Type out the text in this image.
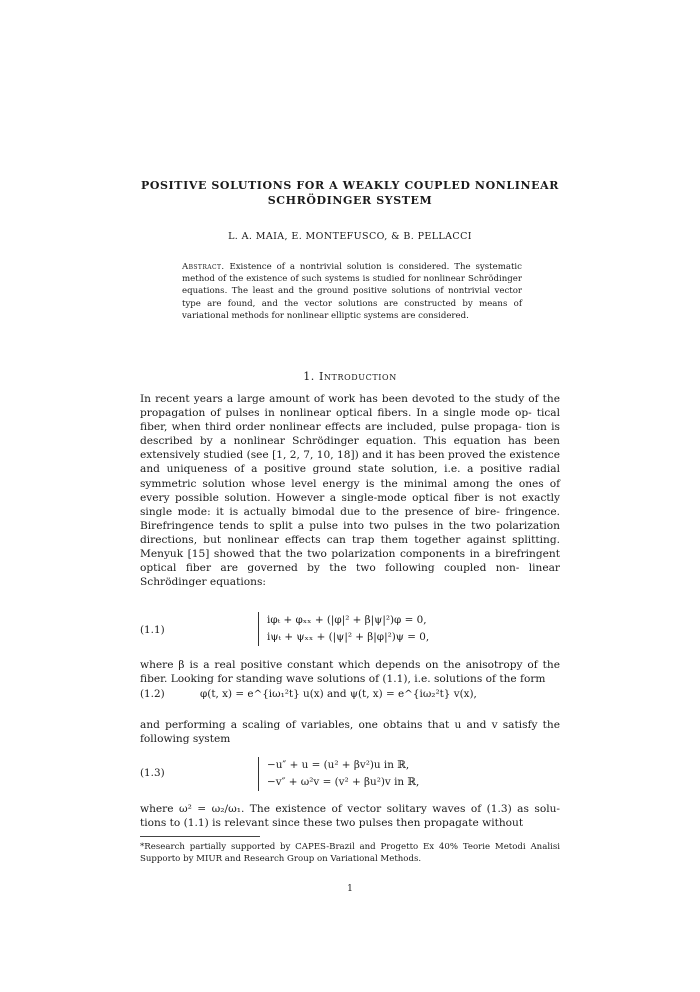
POSITIVE SOLUTIONS FOR A WEAKLY COUPLED NONLINEAR
SCHRÖDINGER SYSTEM
L. A. MAIA, E. MONTEFUSCO, & B. PELLACCI
Abstract. Existence of a nontrivial solution is considered. The systematic method of the existence of such systems is studied for nonlinear Schrödinger equations. The least and the ground positive solutions of nontrivial vector type are found, and the vector solutions are constructed by means of variational methods for nonlinear elliptic systems are considered.
1. Introduction
In recent years a large amount of work has been devoted to the study of the propagation of pulses in nonlinear optical fibers. In a single mode op- tical fiber, when third order nonlinear effects are included, pulse propaga- tion is described by a nonlinear Schrödinger equation. This equation has been extensively studied (see [1, 2, 7, 10, 18]) and it has been proved the existence and uniqueness of a positive ground state solution, i.e. a positive radial symmetric solution whose level energy is the minimal among the ones of every possible solution. However a single-mode optical fiber is not exactly single mode: it is actually bimodal due to the presence of bire- fringence. Birefringence tends to split a pulse into two pulses in the two polarization directions, but nonlinear effects can trap them together against splitting. Menyuk [15] showed that the two polarization components in a birefringent optical fiber are governed by the two following coupled non- linear Schrödinger equations:
(1.1)
iφₜ + φₓₓ + (|φ|² + β|ψ|²)φ = 0,
iψₜ + ψₓₓ + (|ψ|² + β|φ|²)ψ = 0,
where β is a real positive constant which depends on the anisotropy of the fiber. Looking for standing wave solutions of (1.1), i.e. solutions of the form
(1.2)	φ(t, x) = e^{iω₁²t} u(x) and ψ(t, x) = e^{iω₂²t} v(x),
and performing a scaling of variables, one obtains that u and v satisfy the following system
(1.3)
−u″ + u = (u² + βv²)u in ℝ,
−v″ + ω²v = (v² + βu²)v in ℝ,
where ω² = ω₂/ω₁. The existence of vector solitary waves of (1.3) as solu- tions to (1.1) is relevant since these two pulses then propagate without
*Research partially supported by CAPES-Brazil and Progetto Ex 40% Teorie Metodi Analisi Supporto by MIUR and Research Group on Variational Methods.
1
